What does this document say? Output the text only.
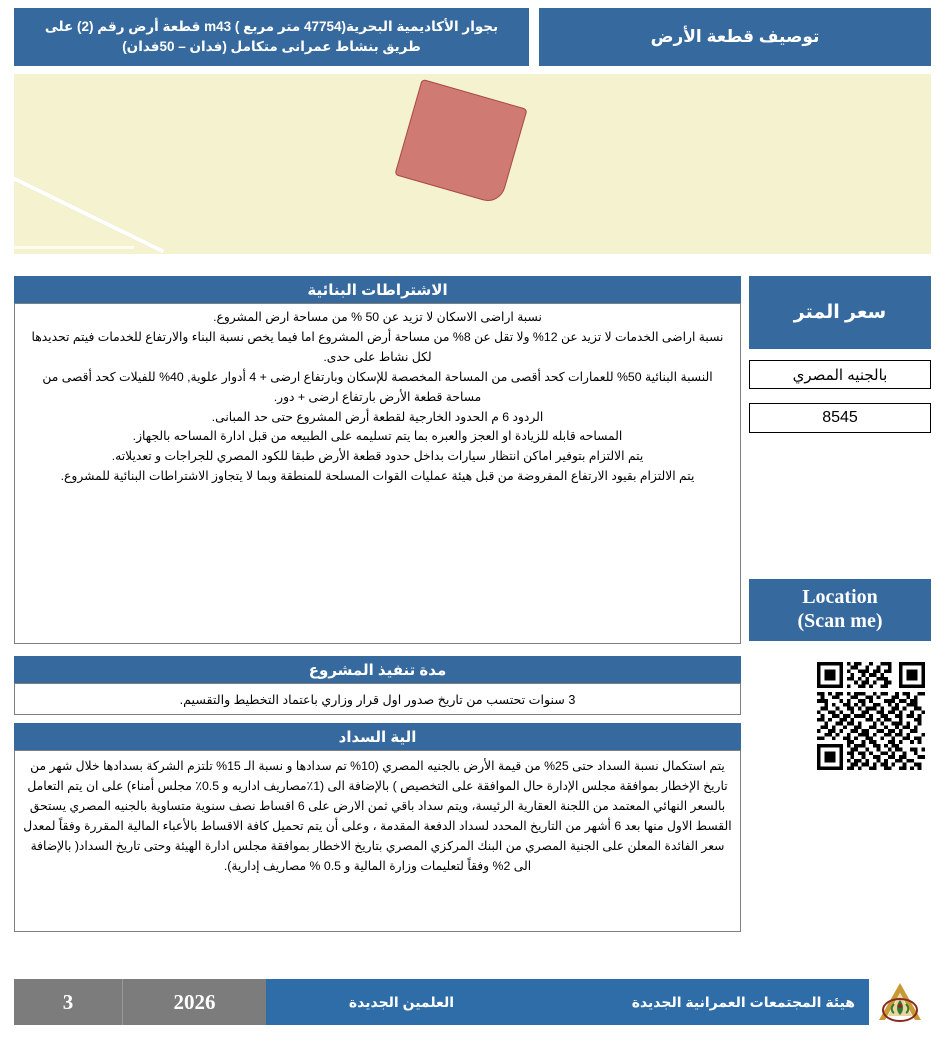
توصيف قطعة الأرض
بجوار الأكاديمية البحرية(47754 متر مربع ) m43 قطعة أرض رقم (2) على طريق بنشاط عمرانى متكامل (فدان – 50فدان)
سعر المتر
بالجنيه المصري
8545
Location
(Scan me)
الاشتراطات البنائية

نسبة اراضى الاسكان لا تزيد عن 50 % من مساحة ارض المشروع.

نسبة اراضى الخدمات لا تزيد عن 12% ولا تقل عن 8% من مساحة أرض المشروع اما فيما يخص نسبة البناء والارتفاع للخدمات فيتم تحديدها لكل نشاط على حدى.

النسبة البنائية 50% للعمارات كحد أقصى من المساحة المخصصة للإسكان وبارتفاع ارضى + 4 أدوار علوية, 40% للفيلات كحد أقصى من مساحة قطعة الأرض بارتفاع ارضى + دور.

الردود 6 م الحدود الخارجية لقطعة أرض المشروع حتى حد المبانى.

المساحه قابله للزيادة او العجز والعبره بما يتم تسليمه على الطبيعه من قبل ادارة المساحه بالجهاز.

يتم الالتزام بتوفير اماكن انتظار سيارات بداخل حدود قطعة الأرض طبقا للكود المصري للجراجات و تعديلاته.

يتم الالتزام بقيود الارتفاع المفروضة من قبل هيئة عمليات القوات المسلحة للمنطقة وبما لا يتجاوز الاشتراطات البنائية للمشروع.

مدة تنفيذ المشروع
3 سنوات تحتسب من تاريخ صدور اول قرار وزاري باعتماد التخطيط والتقسيم.
الية السداد

يتم استكمال نسبة السداد حتى 25% من قيمة الأرض بالجنيه المصري (10% تم سدادها و نسبة الـ 15% تلتزم الشركة بسدادها خلال شهر من تاريخ الإخطار بموافقة مجلس الإدارة حال الموافقة على التخصيص ) بالإضافة الى (1٪مصاريف اداريه و 0.5٪ مجلس أمناء) على ان يتم التعامل بالسعر النهائي المعتمد من اللجنة العقارية الرئيسة، ويتم سداد باقي ثمن الارض على 6 اقساط نصف سنوية متساوية بالجنيه المصري يستحق القسط الاول منها بعد 6 أشهر من التاريخ المحدد لسداد الدفعة المقدمة ، وعلى أن يتم تحميل كافة الاقساط بالأعباء المالية المقررة وفقاً لمعدل سعر الفائدة المعلن على الجنية المصري من البنك المركزي المصري بتاريخ الاخطار بموافقة مجلس ادارة الهيئة وحتى تاريخ السداد( بالإضافة الى 2% وفقاً لتعليمات وزارة المالية و 0.5 % مصاريف إدارية).

هيئة المجتمعات العمرانية الجديدة
العلمين الجديدة
2026
3
